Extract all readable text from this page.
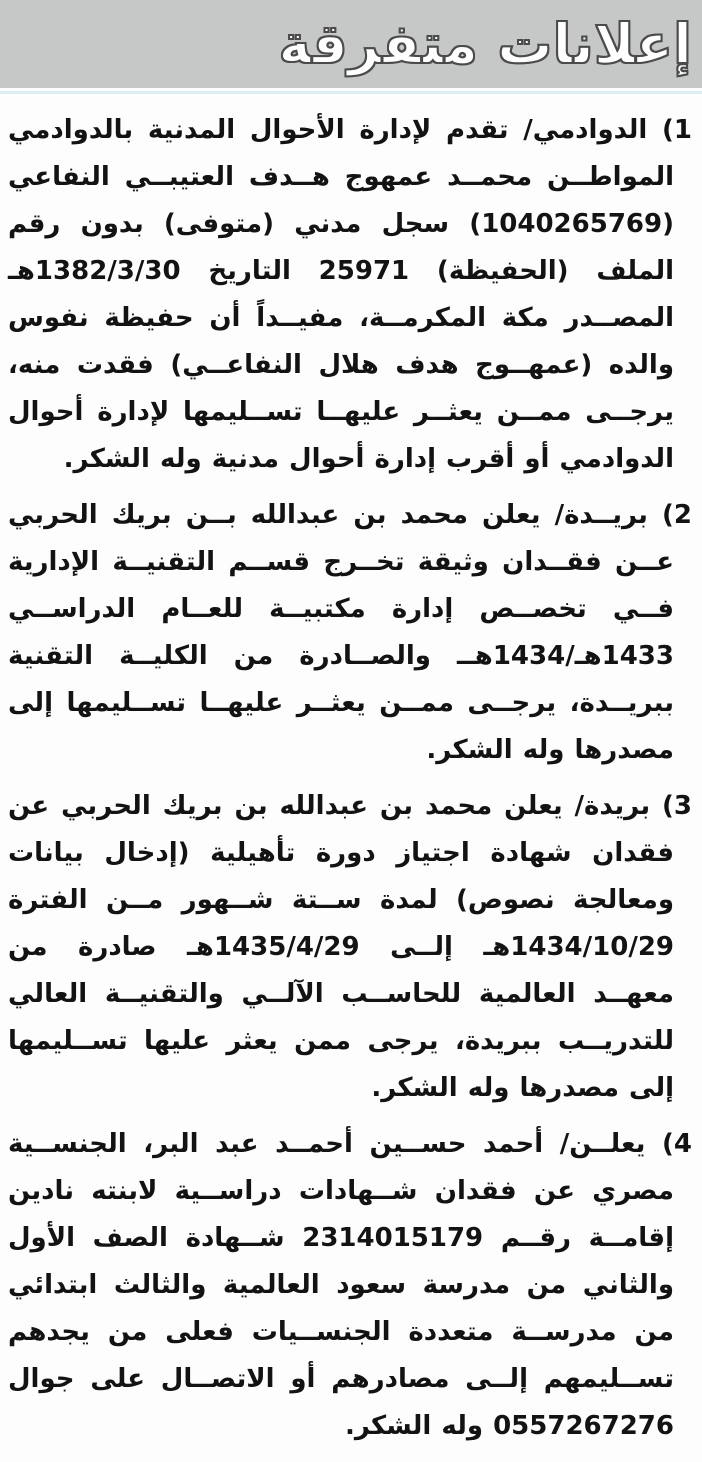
إعلانات متفرقة

1) الدوادمي/ تقدم لإدارة الأحوال المدنية بالدوادمي المواطــن محمــد عمهوج هــدف العتيبــي النفاعي (1040265769) سجل مدني (متوفى) بدون رقم الملف (الحفيظة) 25971 التاريخ 1382/3/30هـ المصــدر مكة المكرمــة، مفيــداً أن حفيظة نفوس والده (عمهــوج هدف هلال النفاعــي) فقدت منه، يرجــى ممــن يعثــر عليهــا تســليمها لإدارة أحوال الدوادمي أو أقرب إدارة أحوال مدنية وله الشكر.

2) بريــدة/ يعلن محمد بن عبدالله بــن بريك الحربي عــن فقــدان وثيقة تخــرج قســم التقنيــة الإدارية فــي تخصــص إدارة مكتبيــة للعــام الدراســي 1433هـ/1434هــ والصــادرة من الكليــة التقنية ببريــدة، يرجــى ممــن يعثــر عليهــا تســليمها إلى مصدرها وله الشكر.

3) بريدة/ يعلن محمد بن عبدالله بن بريك الحربي عن فقدان شهادة اجتياز دورة تأهيلية (إدخال بيانات ومعالجة نصوص) لمدة ســتة شــهور مــن الفترة 1434/10/29هـ إلــى 1435/4/29هـ صادرة من معهــد العالمية للحاســب الآلــي والتقنيــة العالي للتدريــب ببريدة، يرجى ممن يعثر عليها تســليمها إلى مصدرها وله الشكر.

4) يعلــن/ أحمد حســين أحمــد عبد البر، الجنســية مصري عن فقدان شــهادات دراســية لابنته نادين إقامــة رقــم 2314015179 شــهادة الصف الأول والثاني من مدرسة سعود العالمية والثالث ابتدائي من مدرســة متعددة الجنســيات فعلى من يجدهم تســليمهم إلــى مصادرهم أو الاتصــال على جوال 0557267276 وله الشكر.
